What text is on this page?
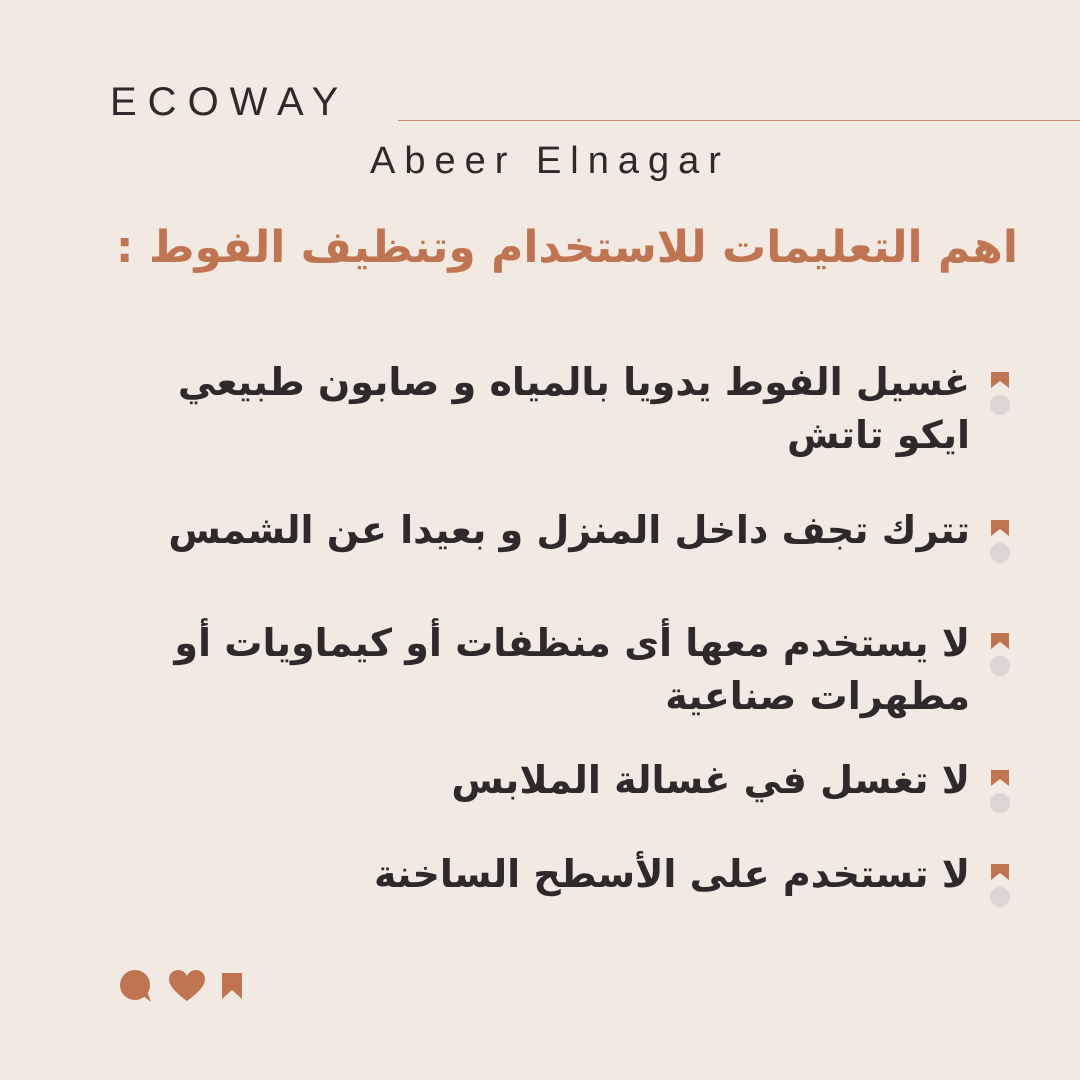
ECOWAY
Abeer Elnagar
اهم التعليمات للاستخدام وتنظيف الفوط :
غسيل الفوط يدويا بالمياه و صابون طبيعي
ايكو تاتش
تترك تجف داخل المنزل و بعيدا عن الشمس
لا يستخدم معها أى منظفات أو كيماويات أو
مطهرات صناعية
لا تغسل في غسالة الملابس
لا تستخدم على الأسطح الساخنة
